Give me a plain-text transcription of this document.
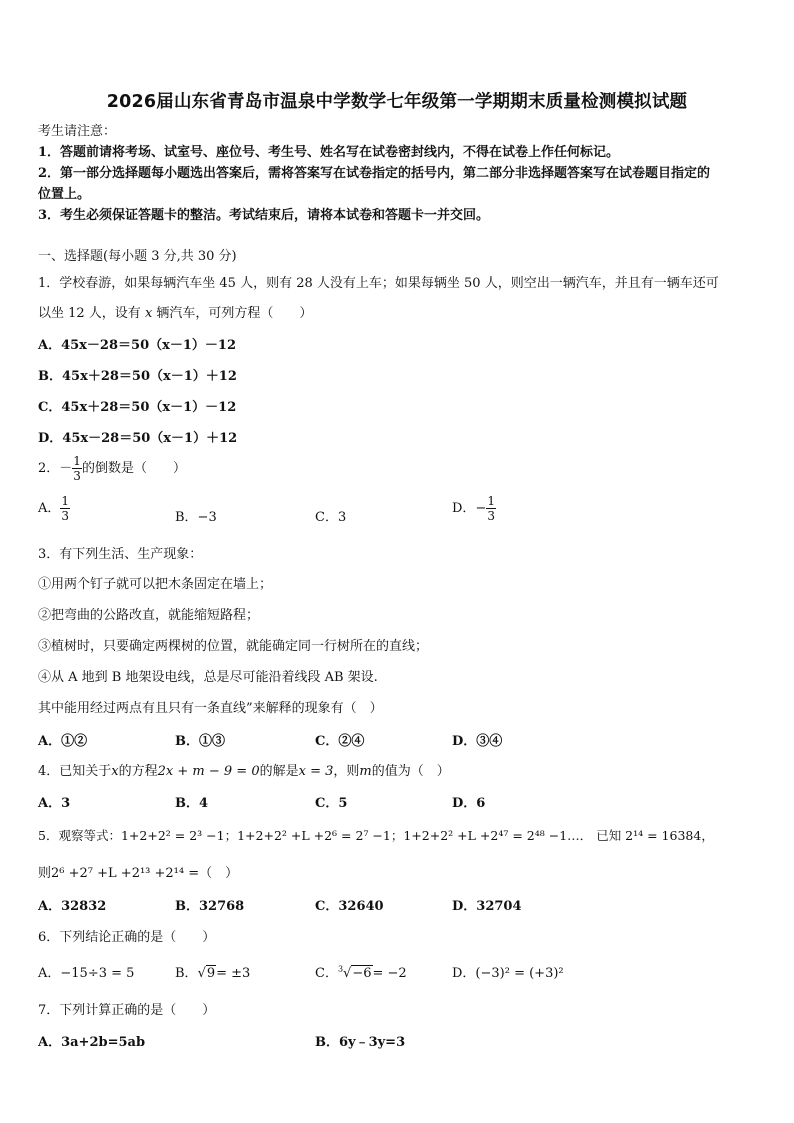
2026届山东省青岛市温泉中学数学七年级第一学期期末质量检测模拟试题
考生请注意：
1．答题前请将考场、试室号、座位号、考生号、姓名写在试卷密封线内，不得在试卷上作任何标记。
2．第一部分选择题每小题选出答案后，需将答案写在试卷指定的括号内，第二部分非选择题答案写在试卷题目指定的
位置上。
3．考生必须保证答题卡的整洁。考试结束后，请将本试卷和答题卡一并交回。
一、选择题(每小题 3 分,共 30 分)
1．学校春游，如果每辆汽车坐 45 人，则有 28 人没有上车；如果每辆坐 50 人，则空出一辆汽车，并且有一辆车还可
以坐 12 人，设有 x 辆汽车，可列方程（　　）
A．45x－28＝50（x－1）－12
B．45x＋28＝50（x－1）＋12
C．45x＋28＝50（x－1）－12
D．45x－28＝50（x－1）＋12
2．－ $\frac{1}{3}$ 的倒数是（　　）
A． $\frac{1}{3}$	B．−3	C．3
D．− $\frac{1}{3}$
3．有下列生活、生产现象：
①用两个钉子就可以把木条固定在墙上；
②把弯曲的公路改直，就能缩短路程；
③植树时，只要确定两棵树的位置，就能确定同一行树所在的直线；
④从 A 地到 B 地架设电线，总是尽可能沿着线段 AB 架设.
其中能用经过两点有且只有一条直线”来解释的现象有（　）
A．①②	B．①③	C．②④	D．③④
4．已知关于x的方程2x + m − 9 = 0的解是x = 3，则m的值为（　）
A．3	B．4	C．5	D．6
5．观察等式：1+2+2² = 2³ −1；1+2+2² +L +2⁶ = 2⁷ −1；1+2+2² +L +2⁴⁷ = 2⁴⁸ −1…． 已知 2¹⁴ = 16384，
则2⁶ +2⁷ +L +2¹³ +2¹⁴ =（　）
A．32832	B．32768	C．32640	D．32704
6．下列结论正确的是（　　）
A．−15÷3 = 5	B．√9= ±3	C．$^3$√−6= −2	D．(−3)² = (+3)²
7．下列计算正确的是（　　）
A．3a+2b=5ab	B．6y﹣3y=3
